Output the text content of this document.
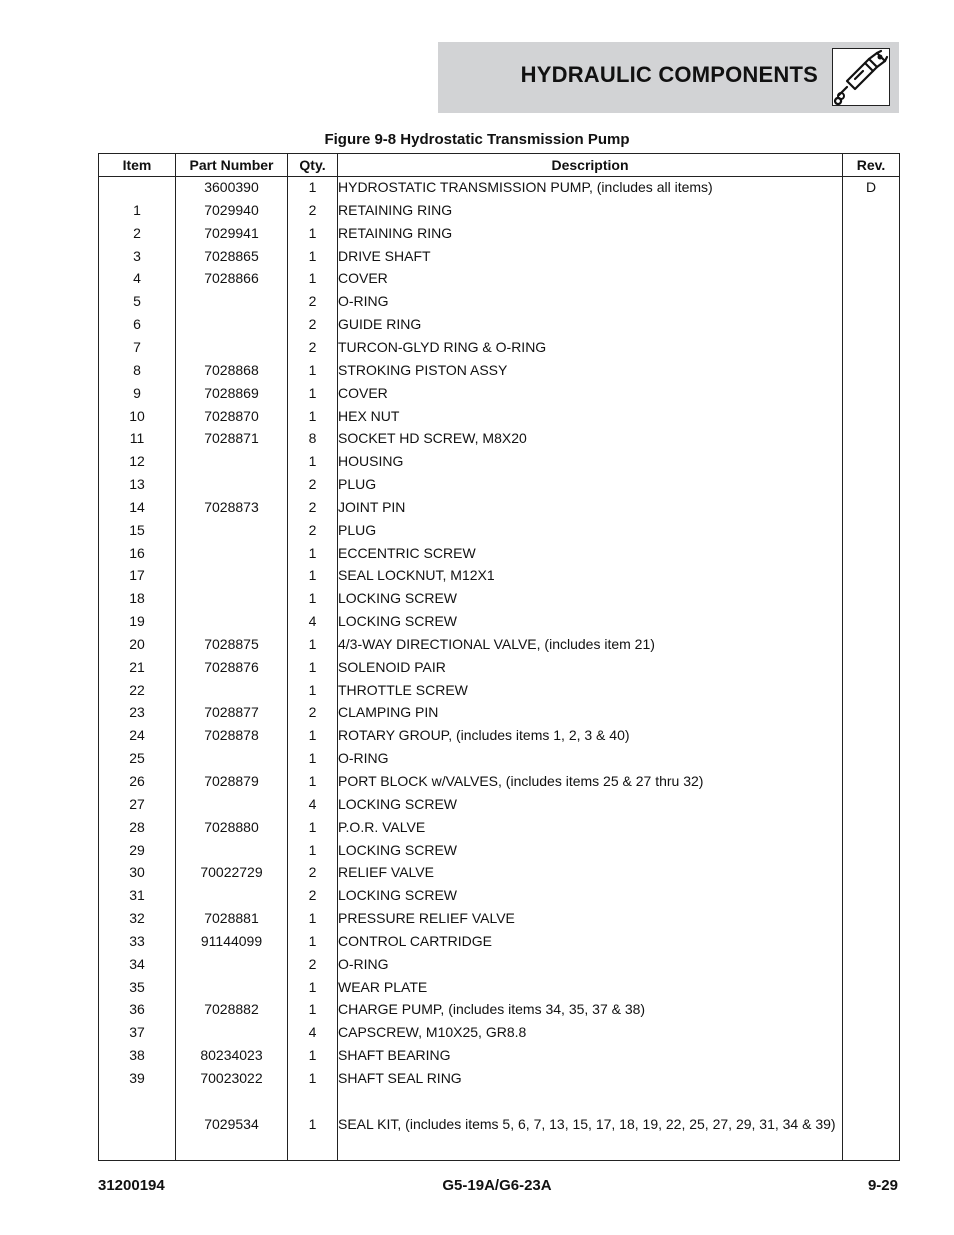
HYDRAULIC COMPONENTS
Figure 9-8 Hydrostatic Transmission Pump
Item	Part Number	Qty.	Description	Rev.
	3600390	1	HYDROSTATIC TRANSMISSION PUMP, (includes all items)	D
1	7029940	2	RETAINING RING	
2	7029941	1	RETAINING RING	
3	7028865	1	DRIVE SHAFT	
4	7028866	1	COVER	
5		2	O-RING	
6		2	GUIDE RING	
7		2	TURCON-GLYD RING & O-RING	
8	7028868	1	STROKING PISTON ASSY	
9	7028869	1	COVER	
10	7028870	1	HEX NUT	
11	7028871	8	SOCKET HD SCREW, M8X20	
12		1	HOUSING	
13		2	PLUG	
14	7028873	2	JOINT PIN	
15		2	PLUG	
16		1	ECCENTRIC SCREW	
17		1	SEAL LOCKNUT, M12X1	
18		1	LOCKING SCREW	
19		4	LOCKING SCREW	
20	7028875	1	4/3-WAY DIRECTIONAL VALVE, (includes item 21)	
21	7028876	1	SOLENOID PAIR	
22		1	THROTTLE SCREW	
23	7028877	2	CLAMPING PIN	
24	7028878	1	ROTARY GROUP, (includes items 1, 2, 3 & 40)	
25		1	O-RING	
26	7028879	1	PORT BLOCK w/VALVES, (includes items 25 & 27 thru 32)	
27		4	LOCKING SCREW	
28	7028880	1	P.O.R. VALVE	
29		1	LOCKING SCREW	
30	70022729	2	RELIEF VALVE	
31		2	LOCKING SCREW	
32	7028881	1	PRESSURE RELIEF VALVE	
33	91144099	1	CONTROL CARTRIDGE	
34		2	O-RING	
35		1	WEAR PLATE	
36	7028882	1	CHARGE PUMP, (includes items 34, 35, 37 & 38)	
37		4	CAPSCREW, M10X25, GR8.8	
38	80234023	1	SHAFT BEARING	
39	70023022	1	SHAFT SEAL RING	

	7029534	1	SEAL KIT, (includes items 5, 6, 7, 13, 15, 17, 18, 19, 22, 25, 27, 29, 31, 34 & 39)	

31200194	G5-19A/G6-23A	9-29
